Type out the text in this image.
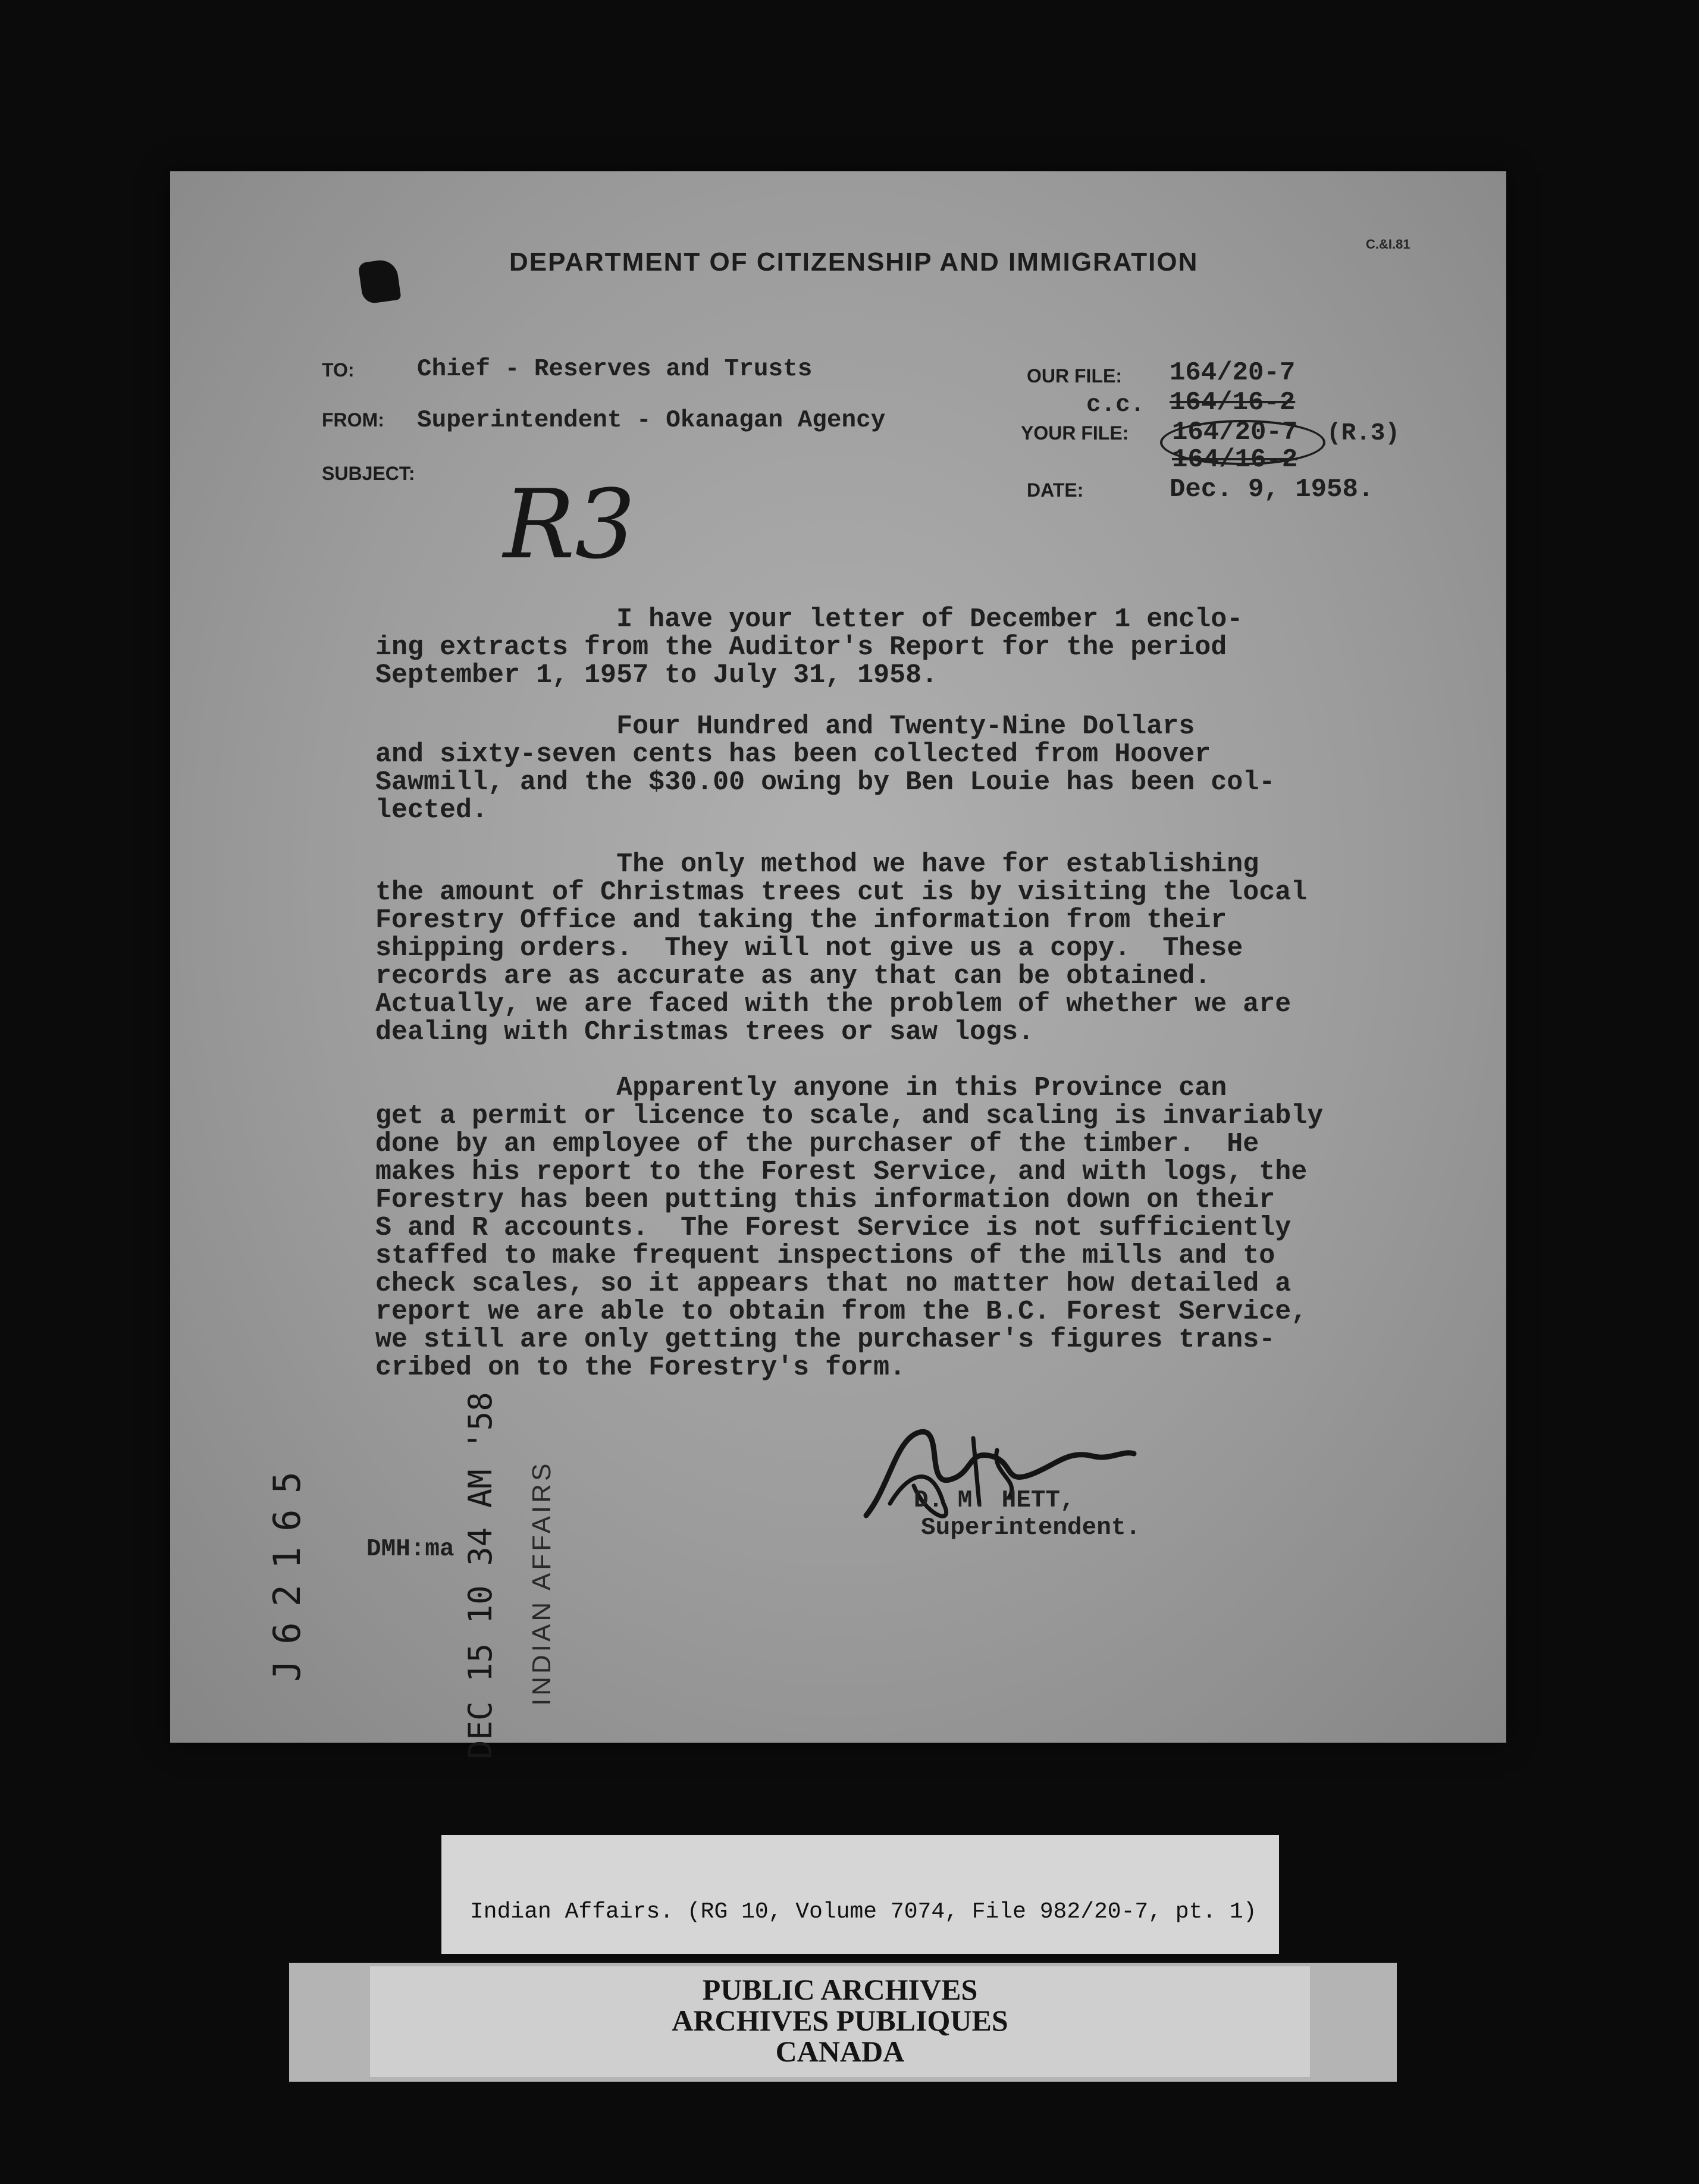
DEPARTMENT OF CITIZENSHIP AND IMMIGRATION
C.&I.81
TO:	Chief - Reserves and Trusts
FROM: Superintendent - Okanagan Agency
SUBJECT:
OUR FILE: 164/20-7
c.c. 164/16-2
YOUR FILE: 164/20-7 (R.3)
164/16-2
DATE:	Dec. 9, 1958.
R3
I have your letter of December 1 enclo-
ing extracts from the Auditor's Report for the period
September 1, 1957 to July 31, 1958.
Four Hundred and Twenty-Nine Dollars
and sixty-seven cents has been collected from Hoover
Sawmill, and the $30.00 owing by Ben Louie has been col-
lected.
The only method we have for establishing
the amount of Christmas trees cut is by visiting the local
Forestry Office and taking the information from their
shipping orders.  They will not give us a copy.  These
records are as accurate as any that can be obtained.
Actually, we are faced with the problem of whether we are
dealing with Christmas trees or saw logs.
Apparently anyone in this Province can
get a permit or licence to scale, and scaling is invariably
done by an employee of the purchaser of the timber.  He
makes his report to the Forest Service, and with logs, the
Forestry has been putting this information down on their
S and R accounts.  The Forest Service is not sufficiently
staffed to make frequent inspections of the mills and to
check scales, so it appears that no matter how detailed a
report we are able to obtain from the B.C. Forest Service,
we still are only getting the purchaser's figures trans-
cribed on to the Forestry's form.
D. M. HETT,
Superintendent.
DMH:ma
J62165	DEC 15 10 34 AM '58 INDIAN AFFAIRS
Indian Affairs. (RG 10, Volume 7074, File 982/20-7, pt. 1)
PUBLIC ARCHIVES
ARCHIVES PUBLIQUES
CANADA
